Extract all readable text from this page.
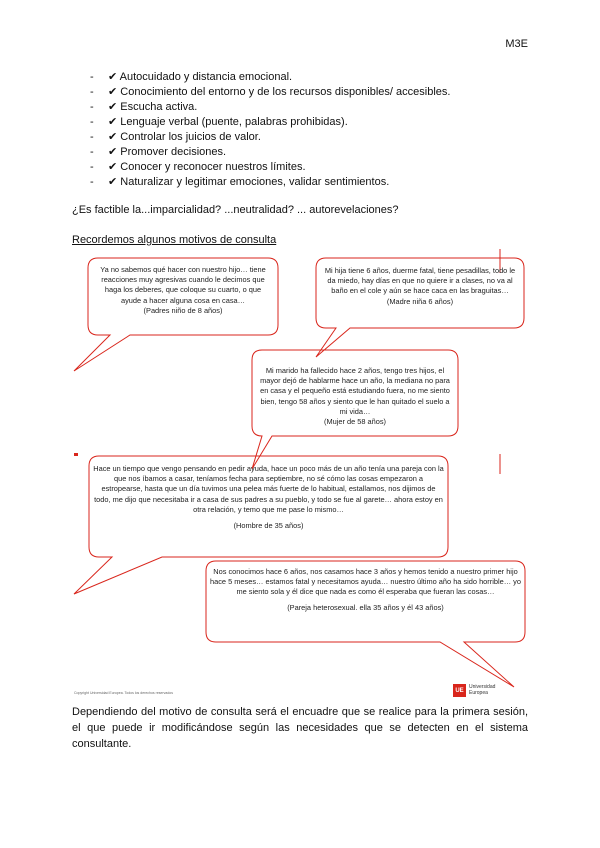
M3E
- ✔ Autocuidado y distancia emocional.
- ✔ Conocimiento del entorno y de los recursos disponibles/ accesibles.
- ✔ Escucha activa.
- ✔ Lenguaje verbal (puente, palabras prohibidas).
- ✔ Controlar los juicios de valor.
- ✔ Promover decisiones.
- ✔ Conocer y reconocer nuestros límites.
- ✔ Naturalizar y legitimar emociones, validar sentimientos.
¿Es factible la...imparcialidad? ...neutralidad? ... autorevelaciones?
Recordemos algunos motivos de consulta
Ya no sabemos qué hacer con nuestro hijo… tiene reacciones muy agresivas cuando le decimos que haga los deberes, que coloque su cuarto, o que ayude a hacer alguna cosa en casa…
(Padres niño de 8 años)
Mi hija tiene 6 años, duerme fatal, tiene pesadillas, todo le da miedo, hay días en que no quiere ir a clases, no va al baño en el cole y aún se hace caca en las braguitas…
(Madre niña 6 años)
Mi marido ha fallecido hace 2 años, tengo tres hijos, el mayor dejó de hablarme hace un año, la mediana no para en casa y el pequeño está estudiando fuera, no me siento bien, tengo 58 años y siento que le han quitado el suelo a mi vida…
(Mujer de 58 años)
Hace un tiempo que vengo pensando en pedir ayuda, hace un poco más de un año tenía una pareja con la que nos íbamos a casar, teníamos fecha para septiembre, no sé cómo las cosas empezaron a estropearse, hasta que un día tuvimos una pelea más fuerte de lo habitual, estallamos, nos dijimos de todo, me dijo que necesitaba ir a casa de sus padres a su pueblo, y todo se fue al garete… ahora estoy en otra relación, y temo que me pase lo mismo…
(Hombre de 35 años)
Nos conocimos hace 6 años, nos casamos hace 3 años y hemos tenido a nuestro primer hijo hace 5 meses… estamos fatal y necesitamos ayuda… nuestro último año ha sido horrible… yo me siento sola y él dice que nada es como él esperaba que fueran las cosas…
(Pareja heterosexual. ella 35 años y él 43 años)
Copyright Universidad Europea. Todos los derechos reservados	UE
Universidad
Europea

Dependiendo del motivo de consulta será el encuadre que se realice para la primera sesión, el que puede ir modificándose según las necesidades que se detecten en el sistema consultante.
